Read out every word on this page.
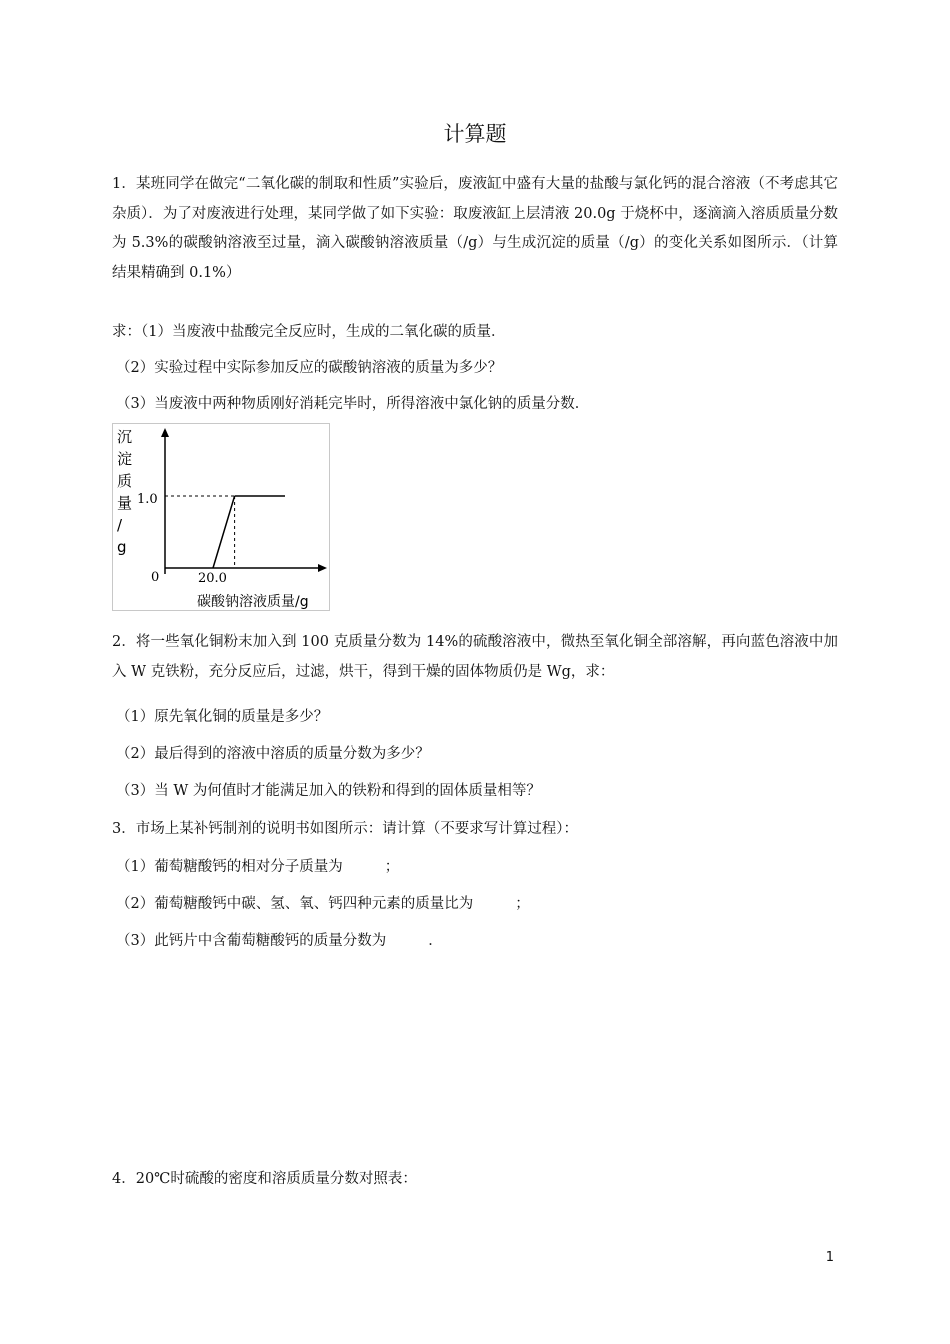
计算题
1．某班同学在做完“二氧化碳的制取和性质”实验后，废液缸中盛有大量的盐酸与氯化钙的混合溶液（不考虑其它杂质）．为了对废液进行处理，某同学做了如下实验：取废液缸上层清液 20.0g 于烧杯中，逐滴滴入溶质质量分数为 5.3%的碳酸钠溶液至过量，滴入碳酸钠溶液质量（/g）与生成沉淀的质量（/g）的变化关系如图所示．（计算结果精确到 0.1%）
求：（1）当废液中盐酸完全反应时，生成的二氧化碳的质量．
（2）实验过程中实际参加反应的碳酸钠溶液的质量为多少？
（3）当废液中两种物质刚好消耗完毕时，所得溶液中氯化钠的质量分数．
沉
淀
质
量
/
g
0
1.0
20.0
碳酸钠溶液质量/g
2．将一些氧化铜粉末加入到 100 克质量分数为 14%的硫酸溶液中，微热至氧化铜全部溶解，再向蓝色溶液中加入 W 克铁粉，充分反应后，过滤，烘干，得到干燥的固体物质仍是 Wg，求：
（1）原先氧化铜的质量是多少？
（2）最后得到的溶液中溶质的质量分数为多少？
（3）当 W 为何值时才能满足加入的铁粉和得到的固体质量相等？
3．市场上某补钙制剂的说明书如图所示：请计算（不要求写计算过程）：
（1）葡萄糖酸钙的相对分子质量为	；
（2）葡萄糖酸钙中碳、氢、氧、钙四种元素的质量比为	；
（3）此钙片中含葡萄糖酸钙的质量分数为	．
4．20℃时硫酸的密度和溶质质量分数对照表：
1
